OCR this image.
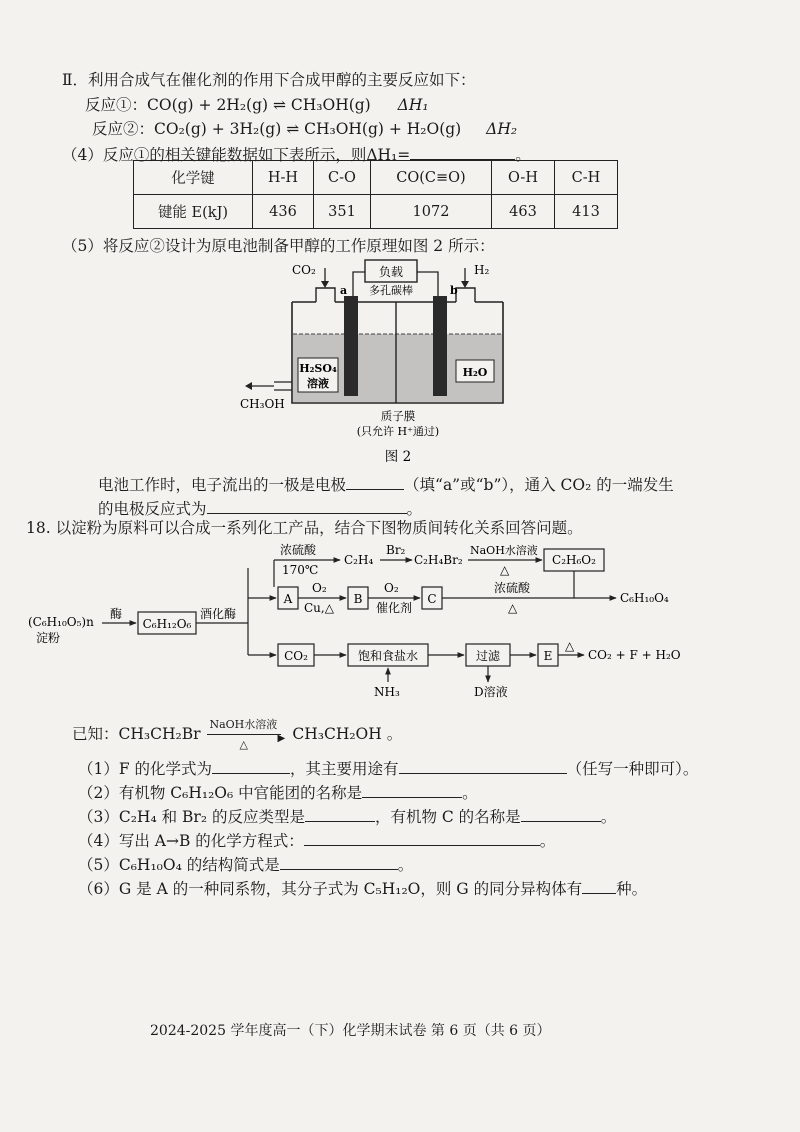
Ⅱ．利用合成气在催化剂的作用下合成甲醇的主要反应如下：
反应①：CO(g) + 2H₂(g) ⇌ CH₃OH(g) ΔH₁
反应②：CO₂(g) + 3H₂(g) ⇌ CH₃OH(g) + H₂O(g) ΔH₂
（4）反应①的相关键能数据如下表所示，则ΔH₁=	。
化学键	H-H	C-O	CO(C≡O)	O-H	C-H
键能 E(kJ)	436	351	1072	463	413
（5）将反应②设计为原电池制备甲醇的工作原理如图 2 所示：
负载
多孔碳棒
CO₂	H₂
a	b
H₂SO₄
溶液
H₂O
CH₃OH
质子膜
(只允许 H⁺通过)
图 2
电池工作时，电子流出的一极是电极	（填“a”或“b”），通入 CO₂ 的一端发生
的电极反应式为	。
18. 以淀粉为原料可以合成一系列化工产品，结合下图物质间转化关系回答问题。
(C₆H₁₀O₅)n
淀粉
酶
C₆H₁₂O₆
酒化酶
A
浓硫酸
170℃
C₂H₄
Br₂
C₂H₄Br₂
NaOH水溶液
△
C₂H₆O₂
O₂
Cu,△
B
O₂
催化剂
C
浓硫酸
△
C₆H₁₀O₄
CO₂	饱和食盐水
NH₃
过滤
D溶液
E
△
CO₂ + F + H₂O
已知：CH₃CH₂Br
NaOH水溶液
▶
△
CH₃CH₂OH 。
（1）F 的化学式为	，其主要用途有	（任写一种即可）。
（2）有机物 C₆H₁₂O₆ 中官能团的名称是	。
（3）C₂H₄ 和 Br₂ 的反应类型是	，有机物 C 的名称是	。
（4）写出 A→B 的化学方程式：	。
（5）C₆H₁₀O₄ 的结构简式是	。
（6）G 是 A 的一种同系物，其分子式为 C₅H₁₂O，则 G 的同分异构体有 种。
2024-2025 学年度高一（下）化学期末试卷 第 6 页（共 6 页）
